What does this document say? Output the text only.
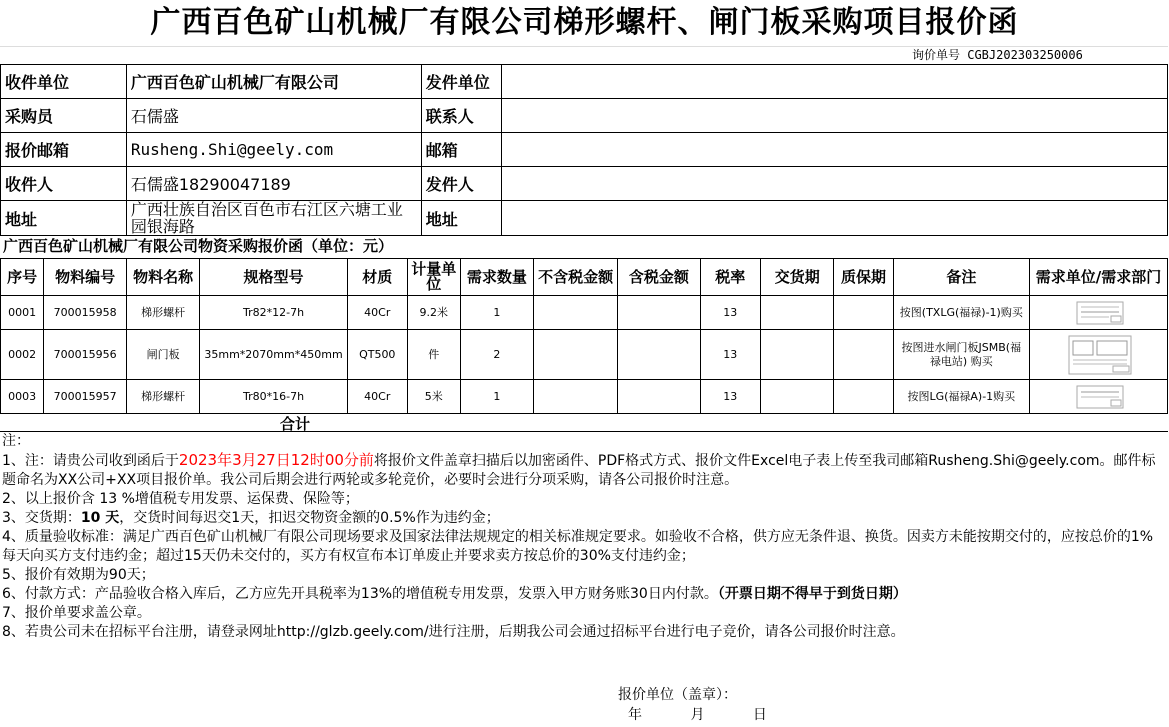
广西百色矿山机械厂有限公司梯形螺杆、闸门板采购项目报价函
询价单号 CGBJ202303250006
收件单位	广西百色矿山机械厂有限公司	发件单位	
采购员	石儒盛	联系人	
报价邮箱	Rusheng.Shi@geely.com	邮箱	
收件人	石儒盛18290047189	发件人	
地址	广西壮族自治区百色市右江区六塘工业园银海路	地址	
广西百色矿山机械厂有限公司物资采购报价函（单位：元）
序号	物料编号	物料名称	规格型号	材质	计量单位	需求数量	不含税金额	含税金额	税率	交货期	质保期	备注	需求单位/需求部门
0001	700015958	梯形螺杆	Tr82*12-7h	40Cr	9.2米	1			13			按图(TXLG(福禄)-1)购买	

0002	700015956	闸门板	35mm*2070mm*450mm	QT500	件	2			13			按图进水闸门板JSMB(福禄电站) 购买	

0003	700015957	梯形螺杆	Tr80*16-7h	40Cr	5米	1			13			按图LG(福禄A)-1购买	
合计

注：

1、注：请贵公司收到函后于2023年3月27日12时00分前将报价文件盖章扫描后以加密函件、PDF格式方式、报价文件Excel电子表上传至我司邮箱Rusheng.Shi@geely.com。邮件标题命名为XX公司+XX项目报价单。我公司后期会进行两轮或多轮竞价，必要时会进行分项采购，请各公司报价时注意。

2、以上报价含 13 %增值税专用发票、运保费、保险等；

3、交货期：10 天，交货时间每迟交1天，扣迟交物资金额的0.5%作为违约金；

4、质量验收标准：满足广西百色矿山机械厂有限公司现场要求及国家法律法规规定的相关标准规定要求。如验收不合格，供方应无条件退、换货。因卖方未能按期交付的，应按总价的1% 每天向买方支付违约金；超过15天仍未交付的，买方有权宣布本订单废止并要求卖方按总价的30%支付违约金；

5、报价有效期为90天；

6、付款方式：产品验收合格入库后，乙方应先开具税率为13%的增值税专用发票，发票入甲方财务账30日内付款。（开票日期不得早于到货日期）

7、报价单要求盖公章。

8、若贵公司未在招标平台注册，请登录网址http://glzb.geely.com/进行注册，后期我公司会通过招标平台进行电子竞价，请各公司报价时注意。

报价单位（盖章）：
年 月 日
